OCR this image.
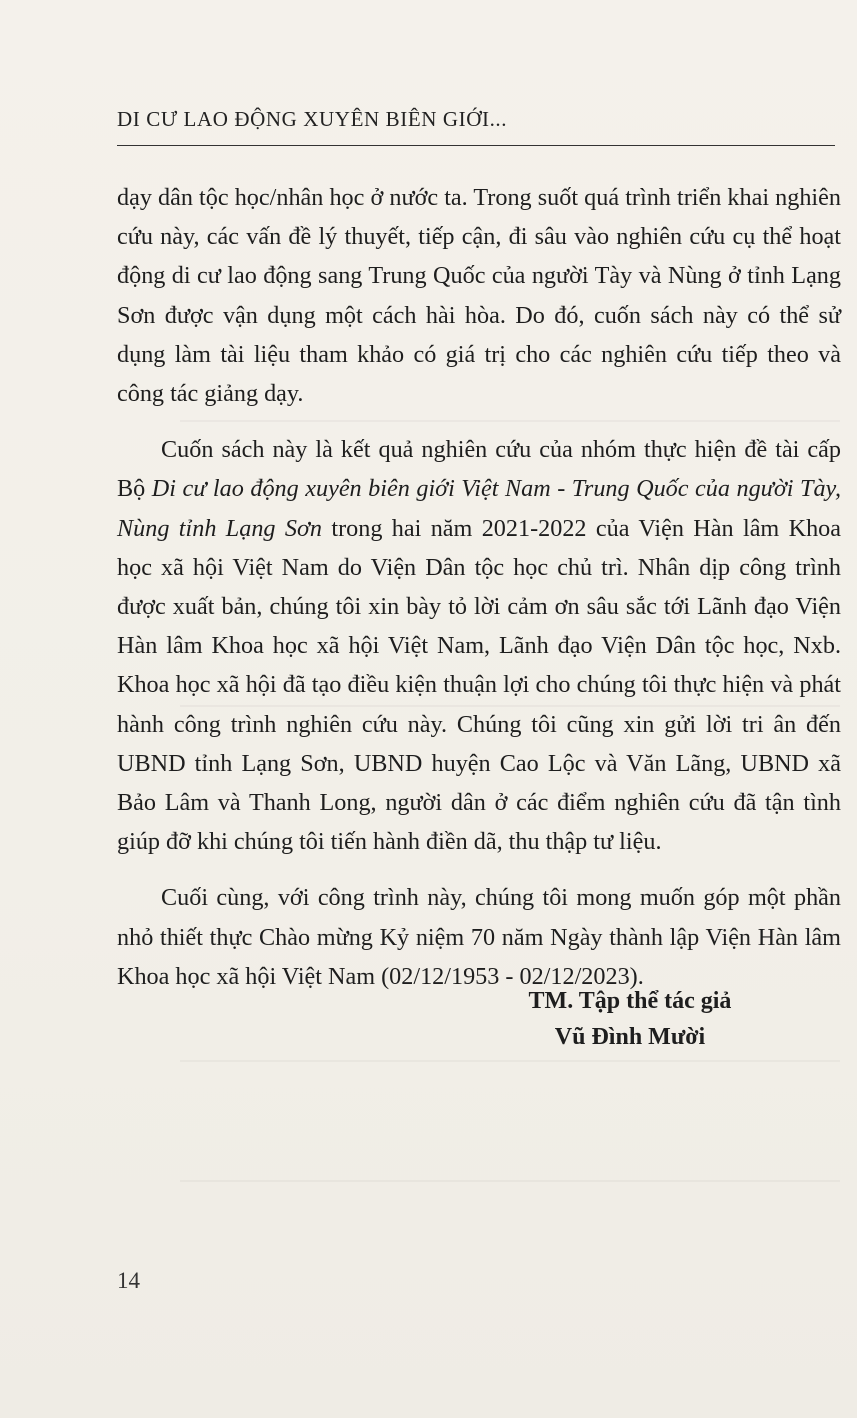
DI CƯ LAO ĐỘNG XUYÊN BIÊN GIỚI...

dạy dân tộc học/nhân học ở nước ta. Trong suốt quá trình triển khai nghiên cứu này, các vấn đề lý thuyết, tiếp cận, đi sâu vào nghiên cứu cụ thể hoạt động di cư lao động sang Trung Quốc của người Tày và Nùng ở tỉnh Lạng Sơn được vận dụng một cách hài hòa. Do đó, cuốn sách này có thể sử dụng làm tài liệu tham khảo có giá trị cho các nghiên cứu tiếp theo và công tác giảng dạy.

Cuốn sách này là kết quả nghiên cứu của nhóm thực hiện đề tài cấp Bộ Di cư lao động xuyên biên giới Việt Nam - Trung Quốc của người Tày, Nùng tỉnh Lạng Sơn trong hai năm 2021-2022 của Viện Hàn lâm Khoa học xã hội Việt Nam do Viện Dân tộc học chủ trì. Nhân dịp công trình được xuất bản, chúng tôi xin bày tỏ lời cảm ơn sâu sắc tới Lãnh đạo Viện Hàn lâm Khoa học xã hội Việt Nam, Lãnh đạo Viện Dân tộc học, Nxb. Khoa học xã hội đã tạo điều kiện thuận lợi cho chúng tôi thực hiện và phát hành công trình nghiên cứu này. Chúng tôi cũng xin gửi lời tri ân đến UBND tỉnh Lạng Sơn, UBND huyện Cao Lộc và Văn Lãng, UBND xã Bảo Lâm và Thanh Long, người dân ở các điểm nghiên cứu đã tận tình giúp đỡ khi chúng tôi tiến hành điền dã, thu thập tư liệu.

Cuối cùng, với công trình này, chúng tôi mong muốn góp một phần nhỏ thiết thực Chào mừng Kỷ niệm 70 năm Ngày thành lập Viện Hàn lâm Khoa học xã hội Việt Nam (02/12/1953 - 02/12/2023).

TM. Tập thể tác giả
Vũ Đình Mười
14
